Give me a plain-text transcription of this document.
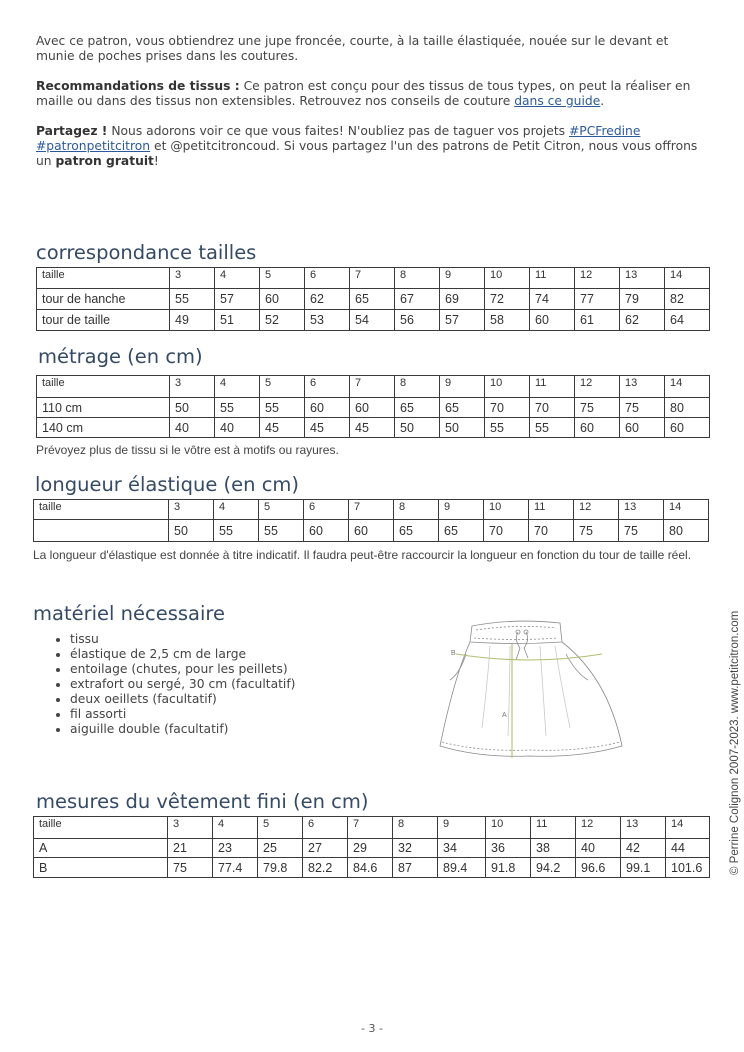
Avec ce patron, vous obtiendrez une jupe froncée, courte, à la taille élastiquée, nouée sur le devant et munie de poches prises dans les coutures.

Recommandations de tissus : Ce patron est conçu pour des tissus de tous types, on peut la réaliser en maille ou dans des tissus non extensibles. Retrouvez nos conseils de couture dans ce guide.

Partagez ! Nous adorons voir ce que vous faites! N'oubliez pas de taguer vos projets #PCFredine #patronpetitcitron et @petitcitroncoud. Si vous partagez l'un des patrons de Petit Citron, nous vous offrons un patron gratuit!

correspondance tailles
taille	3	4	5	6	7	8	9	10	11	12	13	14
tour de hanche	55	57	60	62	65	67	69	72	74	77	79	82
tour de taille	49	51	52	53	54	56	57	58	60	61	62	64
métrage (en cm)
taille	3	4	5	6	7	8	9	10	11	12	13	14
110 cm	50	55	55	60	60	65	65	70	70	75	75	80
140 cm	40	40	45	45	45	50	50	55	55	60	60	60

Prévoyez plus de tissu si le vôtre est à motifs ou rayures.

longueur élastique (en cm)
taille	3	4	5	6	7	8	9	10	11	12	13	14
	50	55	55	60	60	65	65	70	70	75	75	80

La longueur d'élastique est donnée à titre indicatif. Il faudra peut-être raccourcir la longueur en fonction du tour de taille réel.

matériel nécessaire
• tissu
• élastique de 2,5 cm de large
• entoilage (chutes, pour les peillets)
• extrafort ou sergé, 30 cm (facultatif)
• deux oeillets (facultatif)
• fil assorti
• aiguille double (facultatif)
B
A
mesures du vêtement fini (en cm)
taille	3	4	5	6	7	8	9	10	11	12	13	14
A	21	23	25	27	29	32	34	36	38	40	42	44
B	75	77.4	79.8	82.2	84.6	87	89.4	91.8	94.2	96.6	99.1	101.6 © Perrine Colignon 2007-2023. www.petitcitron.com
- 3 -
